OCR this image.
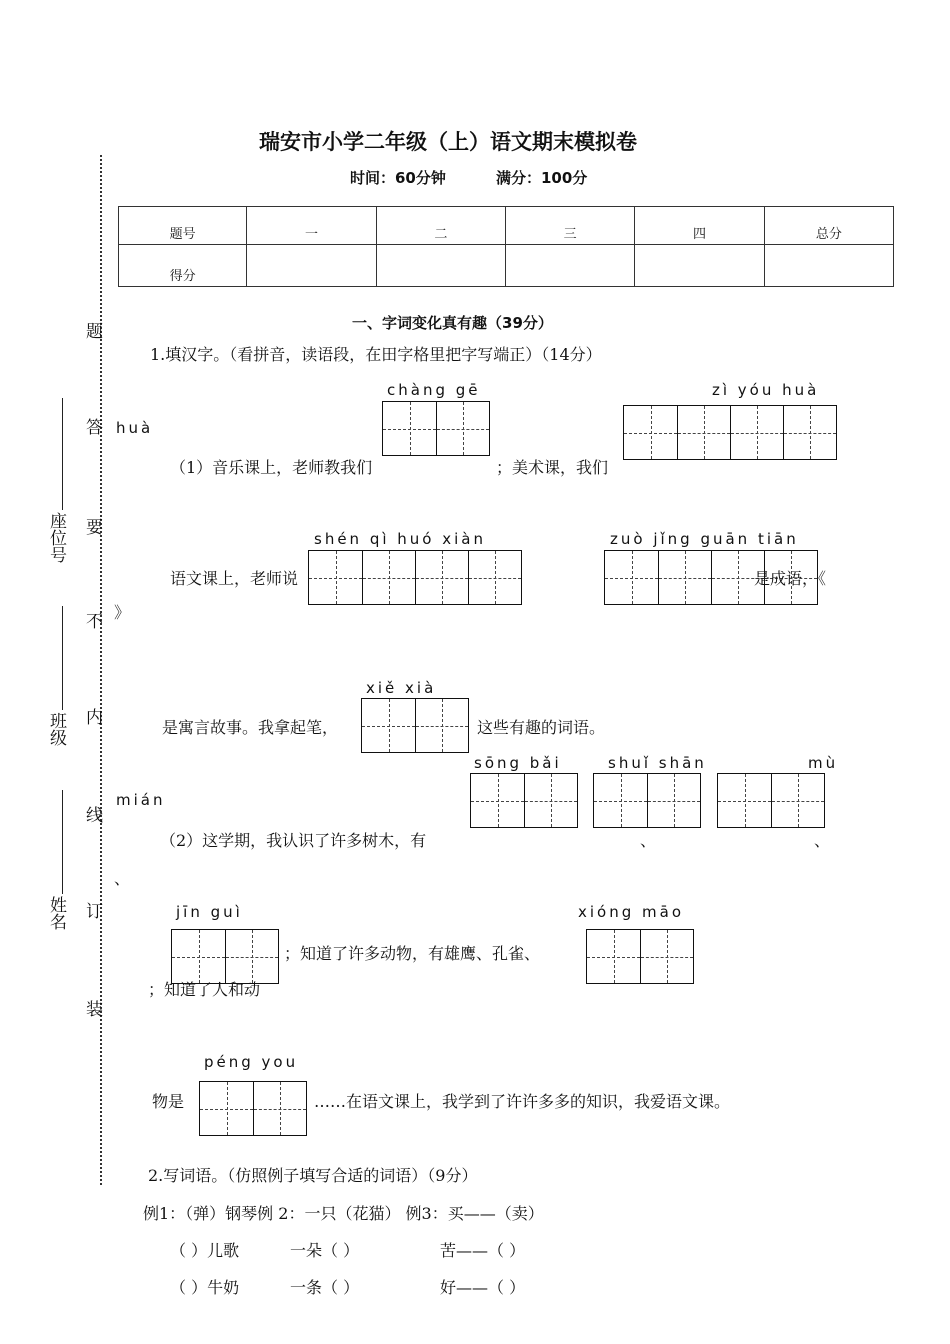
题
答
要
不
内
线
订
装
座位号
班级
姓名
瑞安市小学二年级（上）语文期末模拟卷
时间：60分钟	满分：100分
题号	一	二	三	四	总分
得分					
一、字词变化真有趣（39分）
1.填汉字。（看拼音，读语段，在田字格里把字写端正）（14分）
chàng gē	zì yóu huà
huà
（1）音乐课上，老师教我们	；美术课，我们
shén qì huó xiàn	zuò jǐng guān tiān
语文课上，老师说	是成语，《
》
xiě xià
是寓言故事。我拿起笔，	这些有趣的词语。
sōng bǎi	shuǐ shān	mù
mián
（2）这学期，我认识了许多树木，有	、	、
、
jīn guì	xióng māo
；知道了许多动物，有雄鹰、孔雀、
；知道了人和动
péng you
物是	……在语文课上，我学到了许许多多的知识，我爱语文课。
2.写词语。（仿照例子填写合适的词语）（9分）
例1：（弹）钢琴例 2：一只（花猫） 例3：买——（卖）
（ ）儿歌	一朵（ ）	苦——（ ）
（ ）牛奶	一条（ ）	好——（ ）
